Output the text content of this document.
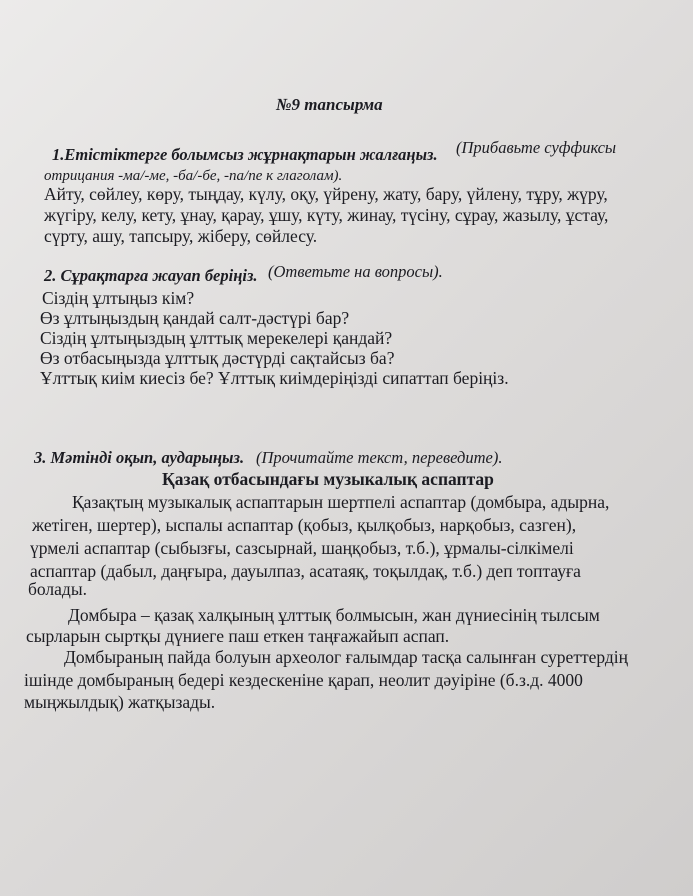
№9 тапсырма
1.Етістіктерге болымсыз жұрнақтарын жалғаңыз. (Прибавьте суффиксы
отрицания -ма/-ме, -ба/-бе, -па/пе к глаголам).
Айту, сөйлеу, көру, тыңдау, күлу, оқу, үйрену, жату, бару, үйлену, тұру, жүру,
жүгіру, келу, кету, ұнау, қарау, ұшу, күту, жинау, түсіну, сұрау, жазылу, ұстау,
сүрту, ашу, тапсыру, жіберу, сөйлесу.
2. Сұрақтарға жауап беріңіз. (Ответьте на вопросы).
Сіздің ұлтыңыз кім?
Өз ұлтыңыздың қандай салт-дәстүрі бар?
Сіздің ұлтыңыздың ұлттық мерекелері қандай?
Өз отбасыңызда ұлттық дәстүрді сақтайсыз ба?
Ұлттық киім киесіз бе? Ұлттық киімдеріңізді сипаттап беріңіз.
3. Мәтінді оқып, аударыңыз. (Прочитайте текст, переведите).
Қазақ отбасындағы музыкалық аспаптар
Қазақтың музыкалық аспаптарын шертпелі аспаптар (домбыра, адырна,
жетіген, шертер), ыспалы аспаптар (қобыз, қылқобыз, нарқобыз, сазген),
үрмелі аспаптар (сыбызғы, сазсырнай, шаңқобыз, т.б.), ұрмалы-сілкімелі
аспаптар (дабыл, даңғыра, дауылпаз, асатаяқ, тоқылдақ, т.б.) деп топтауға
болады.
Домбыра – қазақ халқының ұлттық болмысын, жан дүниесінің тылсым
сырларын сыртқы дүниеге паш еткен таңғажайып аспап.
Домбыраның пайда болуын археолог ғалымдар тасқа салынған суреттердің
ішінде домбыраның бедері кездескеніне қарап, неолит дәуіріне (б.з.д. 4000
мыңжылдық) жатқызады.
